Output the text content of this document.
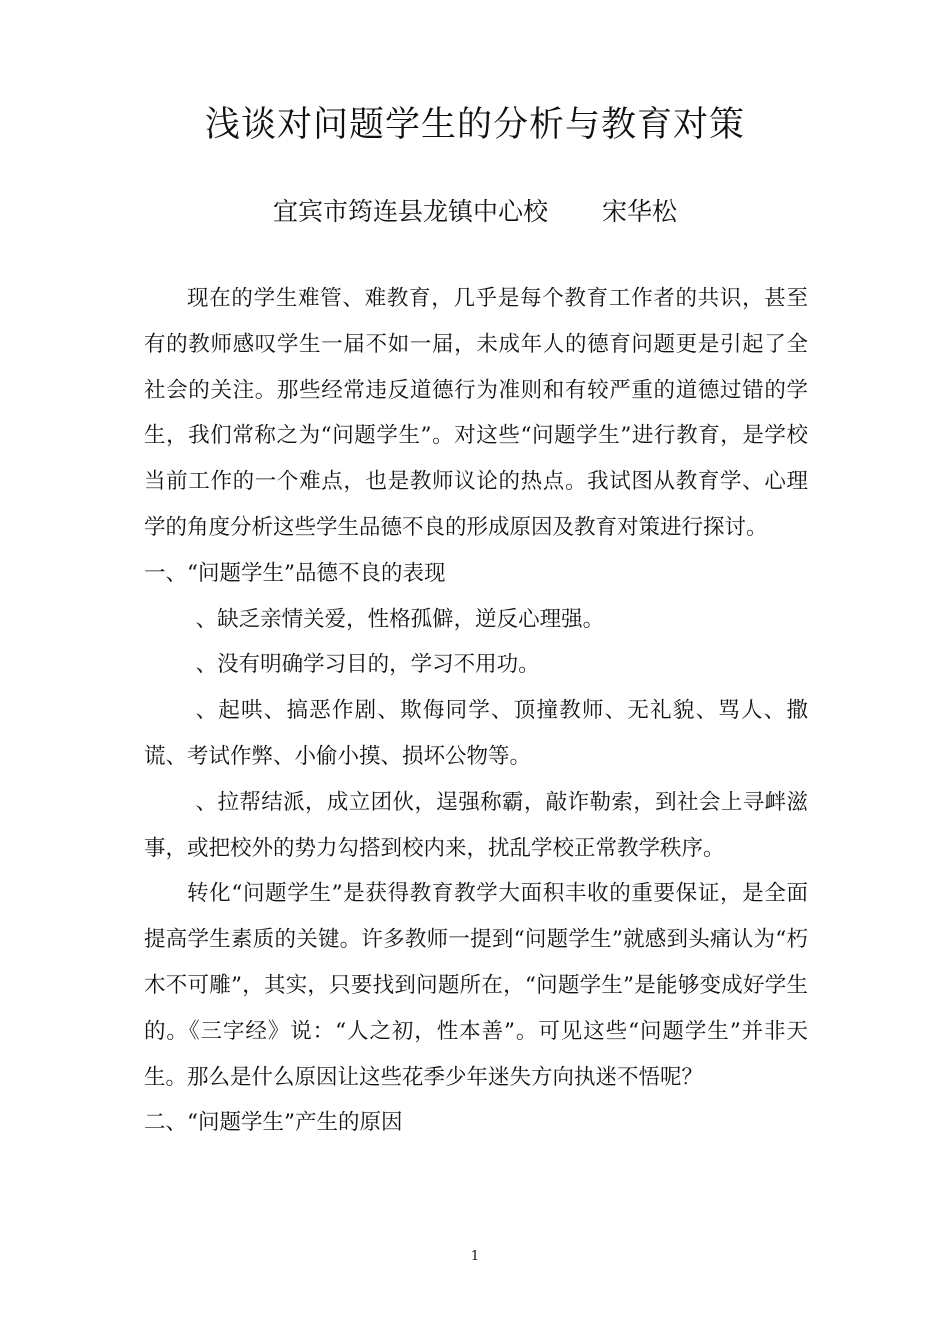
浅谈对问题学生的分析与教育对策
宜宾市筠连县龙镇中心校 宋华松

现在的学生难管、难教育，几乎是每个教育工作者的共识，甚至有的教师感叹学生一届不如一届，未成年人的德育问题更是引起了全社会的关注。那些经常违反道德行为准则和有较严重的道德过错的学生，我们常称之为“问题学生”。对这些“问题学生”进行教育，是学校当前工作的一个难点，也是教师议论的热点。我试图从教育学、心理学的角度分析这些学生品德不良的形成原因及教育对策进行探讨。

一、“问题学生”品德不良的表现

、缺乏亲情关爱，性格孤僻，逆反心理强。

、没有明确学习目的，学习不用功。

、起哄、搞恶作剧、欺侮同学、顶撞教师、无礼貌、骂人、撒谎、考试作弊、小偷小摸、损坏公物等。

、拉帮结派，成立团伙，逞强称霸，敲诈勒索，到社会上寻衅滋事，或把校外的势力勾搭到校内来，扰乱学校正常教学秩序。

转化“问题学生”是获得教育教学大面积丰收的重要保证，是全面提高学生素质的关键。许多教师一提到“问题学生”就感到头痛认为“朽木不可雕”，其实，只要找到问题所在，“问题学生”是能够变成好学生的。《三字经》说：“人之初，性本善”。可见这些“问题学生”并非天生。那么是什么原因让这些花季少年迷失方向执迷不悟呢？

二、“问题学生”产生的原因

1
